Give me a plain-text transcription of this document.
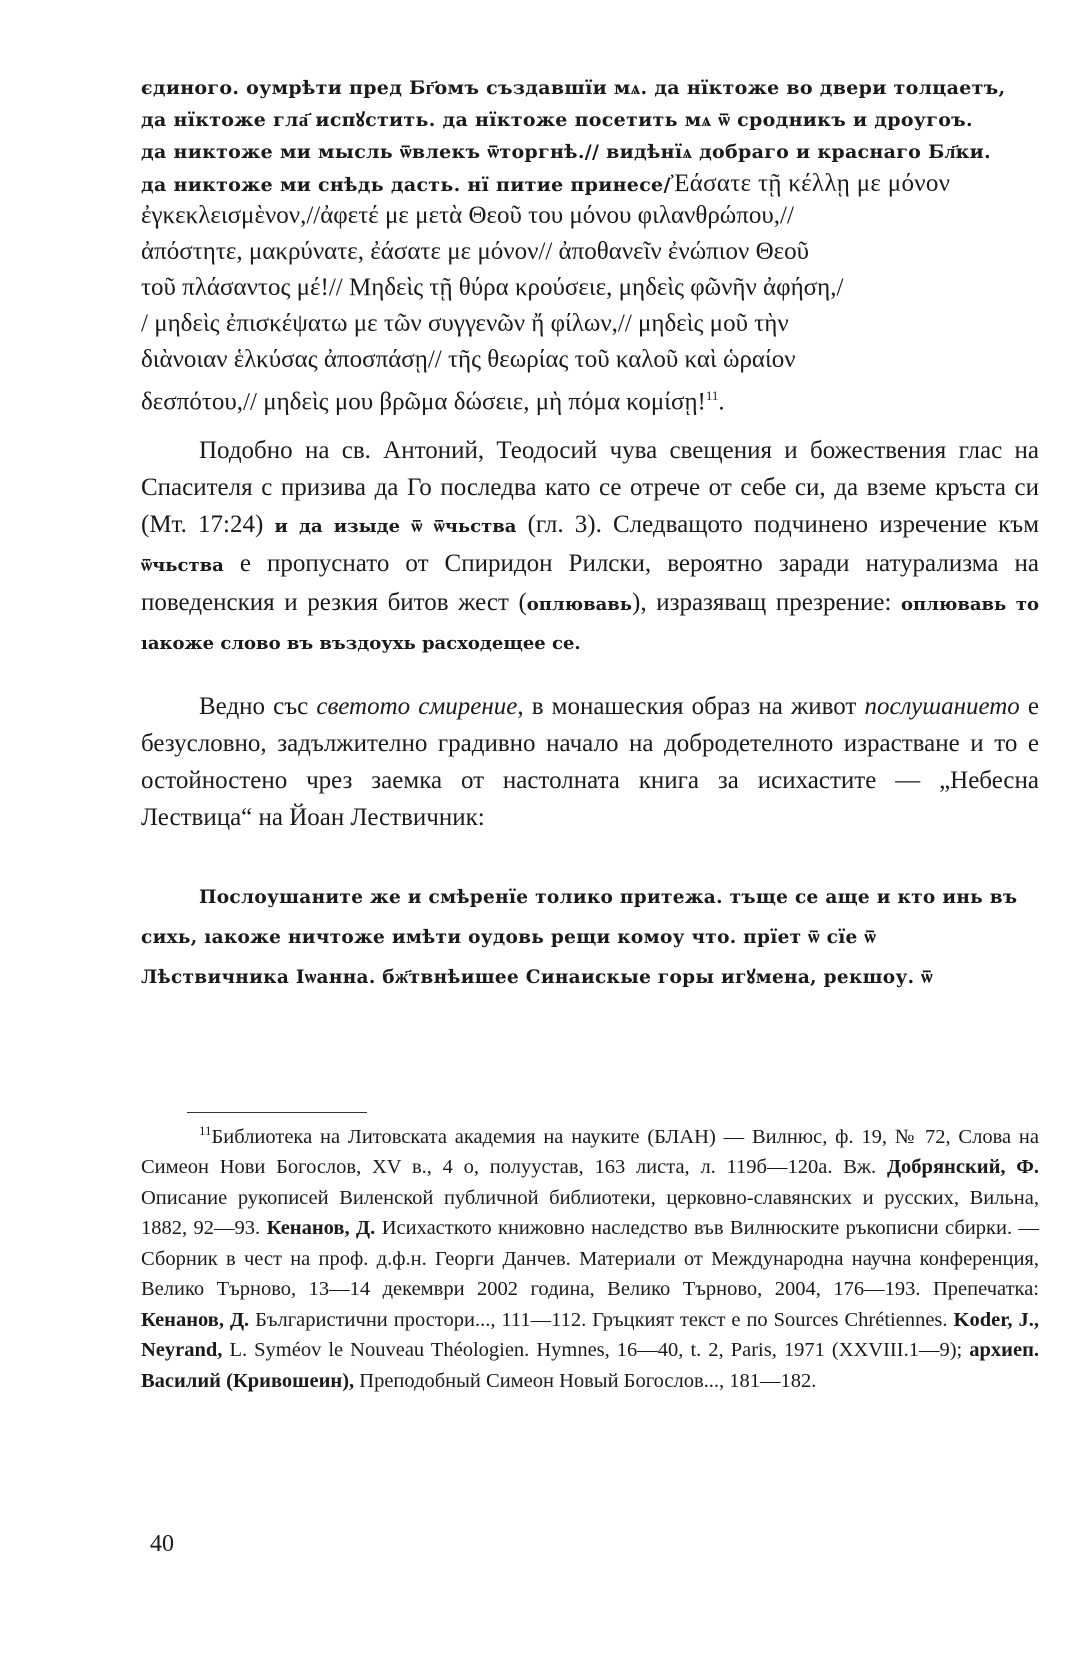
єдиного. оумрѣти пред Бг҃омъ създавшїи мѧ. да нїктоже во двери толцаетъ,
да нїктоже гла҃ испꙋстить. да нїктоже посетить мѧ ѿ сродникъ и дроугоъ.
да никтоже ми мысль ѿвлекъ ѿторгнѣ.// видѣнїѧ добраго и краснаго Бл҃ки.
да никтоже ми снѣдь дасть. нї питие принесе/Ἐάσατε τῇ κέλλῃ με μόνον
ἐγκεκλεισμὲνον,//ἀφετέ με μετὰ Θεοῦ του μόνου φιλανθρώπου,//
ἀπόστητε, μακρύνατε, ἐάσατε με μόνον// ἀποθανεῖν ἐνώπιον Θεοῦ
τοῦ πλάσαντος μέ!// Μηδεὶς τῇ θύρα κρούσειε, μηδεὶς φῶνῆν ἀφήση,/
/ μηδεὶς ἐπισκέψατω με τῶν συγγενῶν ἤ φίλων,// μηδεὶς μοῦ τὴν
διὰνοιαν ἑλκύσας ἀποσπάσῃ// τῆς θεωρίας τοῦ καλοῦ καὶ ὡραίον
δεσπότου,// μηδεὶς μου βρῶμα δώσειε, μὴ πόμα κομίσῃ!$^{11}$.

Подобно на св. Антоний, Теодосий чува свещения и божествения глас на Спасителя с призива да Го последва като се отрече от себе си, да вземе кръста си (Мт. 17:24) и да изыде ѿ ѿчьства (гл. 3). Следващото подчинено изречение към ѿчьства е пропуснато от Спиридон Рилски, вероятно заради натурализма на поведенския и резкия битов жест (оплювавь), изразяващ презрение: оплювавь то ıакоже слово въ въздоухь расходещее се.

Ведно със светото смирение, в монашеския образ на живот послушанието е безусловно, задължително градивно начало на добродетелното израстване и то е остойностено чрез заемка от настолната книга за исихастите — „Небесна Лествица“ на Йоан Лествичник:

Послоушаните же и смѣренїе толико притежа. тъще се аще и кто инь въ
сихь, ıакоже ничтоже имѣти оудовь рещи комоу что. прїет ѿ сїе ѿ
Лѣствичника Іѡанна. бж҃твнѣишее Синаискые горы игꙋмена, рекшоу. ѿ

$^{11}$Библиотека на Литовската академия на науките (БЛАН) — Вилнюс, ф. 19, № 72, Слова на Симеон Нови Богослов, XV в., 4 о, полуустав, 163 листа, л. 119б—120а. Вж. Добрянский, Ф. Описание рукописей Виленской публичной библиотеки, церковно-славянских и русских, Вильна, 1882, 92—93. Кенанов, Д. Исихасткото книжовно наследство във Вилнюските ръкописни сбирки. — Сборник в чест на проф. д.ф.н. Георги Данчев. Материали от Международна научна конференция, Велико Търново, 13—14 декември 2002 година, Велико Търново, 2004, 176—193. Препечатка: Кенанов, Д. Българистични простори..., 111—112. Гръцкият текст е по Sources Chrétiennes. Koder, J., Neyrand, L. Syméov le Nouveau Théologien. Hymnes, 16—40, t. 2, Paris, 1971 (XXVIII.1—9); архиеп. Василий (Кривошеин), Преподобный Симеон Новый Богослов..., 181—182.

40
